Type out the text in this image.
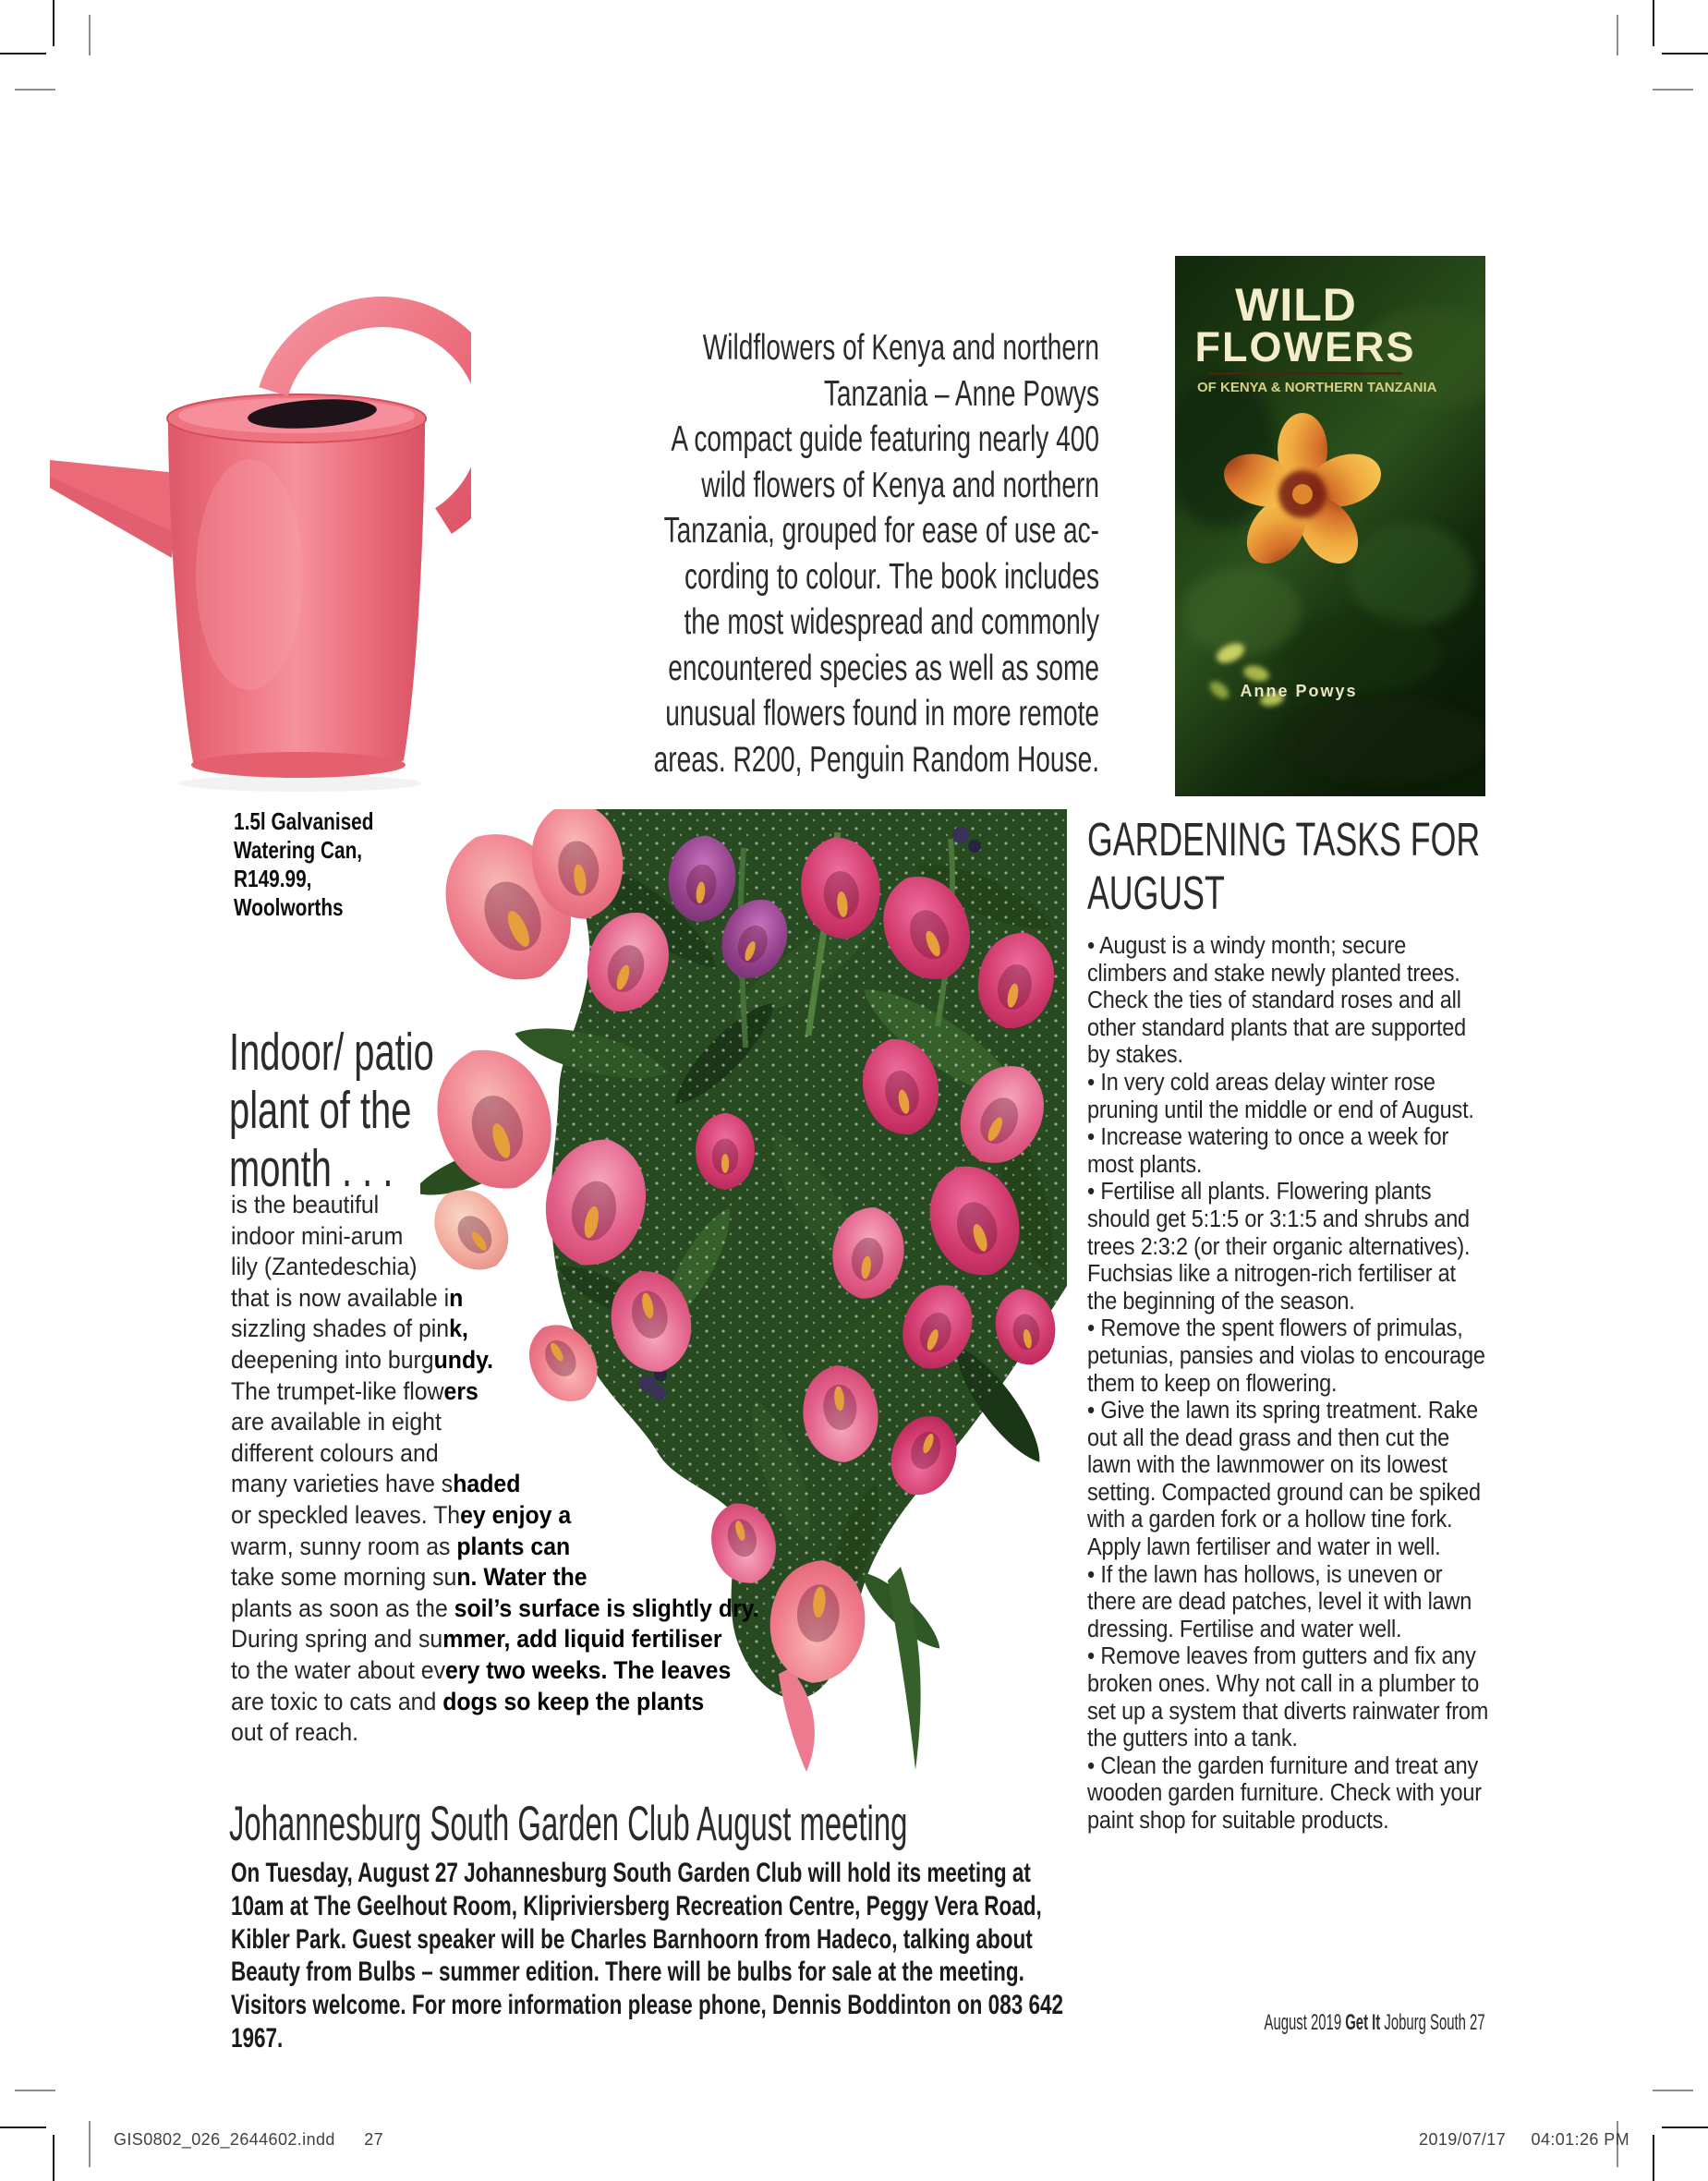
Wildflowers of Kenya and northern
Tanzania – Anne Powys
A compact guide featuring nearly 400
wild flowers of Kenya and northern
Tanzania, grouped for ease of use ac-
cording to colour. The book includes
the most widespread and commonly
encountered species as well as some
unusual flowers found in more remote
areas. R200, Penguin Random House.
WILD
FLOWERS
OF KENYA & NORTHERN TANZANIA
Anne Powys
1.5l Galvanised
Watering Can,
R149.99,
Woolworths
Indoor/ patio
plant of the
month . . .
is the beautiful
indoor mini-arum
lily (Zantedeschia)
that is now available in
sizzling shades of pink,
deepening into burgundy.
The trumpet-like flowers
are available in eight
different colours and
many varieties have shaded
or speckled leaves. They enjoy a
warm, sunny room as plants can
take some morning sun. Water the
plants as soon as the soil’s surface is slightly dry.
During spring and summer, add liquid fertiliser
to the water about every two weeks. The leaves
are toxic to cats and dogs so keep the plants
out of reach.
GARDENING TASKS FOR
AUGUST
• August is a windy month; secure climbers and stake newly planted trees. Check the ties of standard roses and all other standard plants that are supported by stakes.
• In very cold areas delay winter rose pruning until the middle or end of August.
• Increase watering to once a week for most plants.
• Fertilise all plants. Flowering plants should get 5:1:5 or 3:1:5 and shrubs and trees 2:3:2 (or their organic alternatives). Fuchsias like a nitrogen-rich fertiliser at the beginning of the season.
• Remove the spent flowers of primulas, petunias, pansies and violas to encourage them to keep on flowering.
• Give the lawn its spring treatment. Rake out all the dead grass and then cut the lawn with the lawnmower on its lowest setting. Compacted ground can be spiked with a garden fork or a hollow tine fork. Apply lawn fertiliser and water in well.
• If the lawn has hollows, is uneven or there are dead patches, level it with lawn dressing. Fertilise and water well.
• Remove leaves from gutters and fix any broken ones. Why not call in a plumber to set up a system that diverts rainwater from the gutters into a tank.
• Clean the garden furniture and treat any wooden garden furniture. Check with your paint shop for suitable products.
Johannesburg South Garden Club August meeting
On Tuesday, August 27 Johannesburg South Garden Club will hold its meeting at 10am at The Geelhout Room, Klipriviersberg Recreation Centre, Peggy Vera Road, Kibler Park. Guest speaker will be Charles Barnhoorn from Hadeco, talking about Beauty from Bulbs – summer edition. There will be bulbs for sale at the meeting. Visitors welcome. For more information please phone, Dennis Boddinton on 083 642 1967.
August 2019 Get It Joburg South 27
GIS0802_026_2644602.indd 27	2019/07/17 04:01:26 PM
